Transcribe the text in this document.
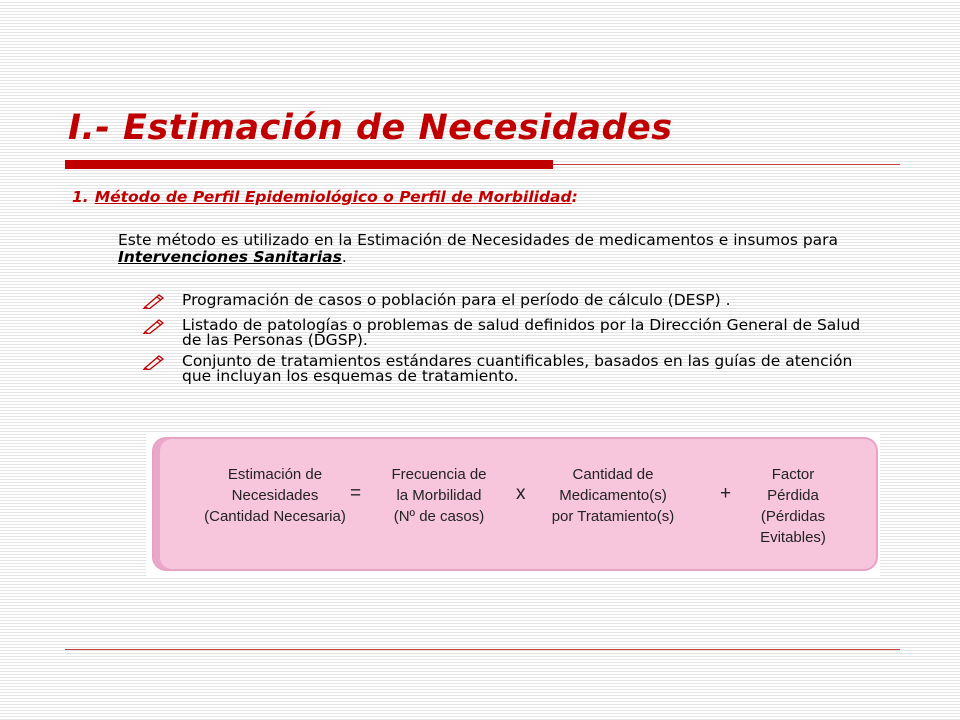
I.- Estimación de Necesidades
1. Método de Perfil Epidemiológico o Perfil de Morbilidad:
Este método es utilizado en la Estimación de Necesidades de medicamentos e insumos para Intervenciones Sanitarias.
Programación de casos o población para el período de cálculo (DESP) .
Listado de patologías o problemas de salud definidos por la Dirección General de Salud de las Personas (DGSP).
Conjunto de tratamientos estándares cuantificables, basados en las guías de atención que incluyan los esquemas de tratamiento.
Estimación de
Necesidades
(Cantidad Necesaria)
=
Frecuencia de
la Morbilidad
(Nº de casos)
x
Cantidad de
Medicamento(s)
por Tratamiento(s)
+
Factor
Pérdida
(Pérdidas
Evitables)
